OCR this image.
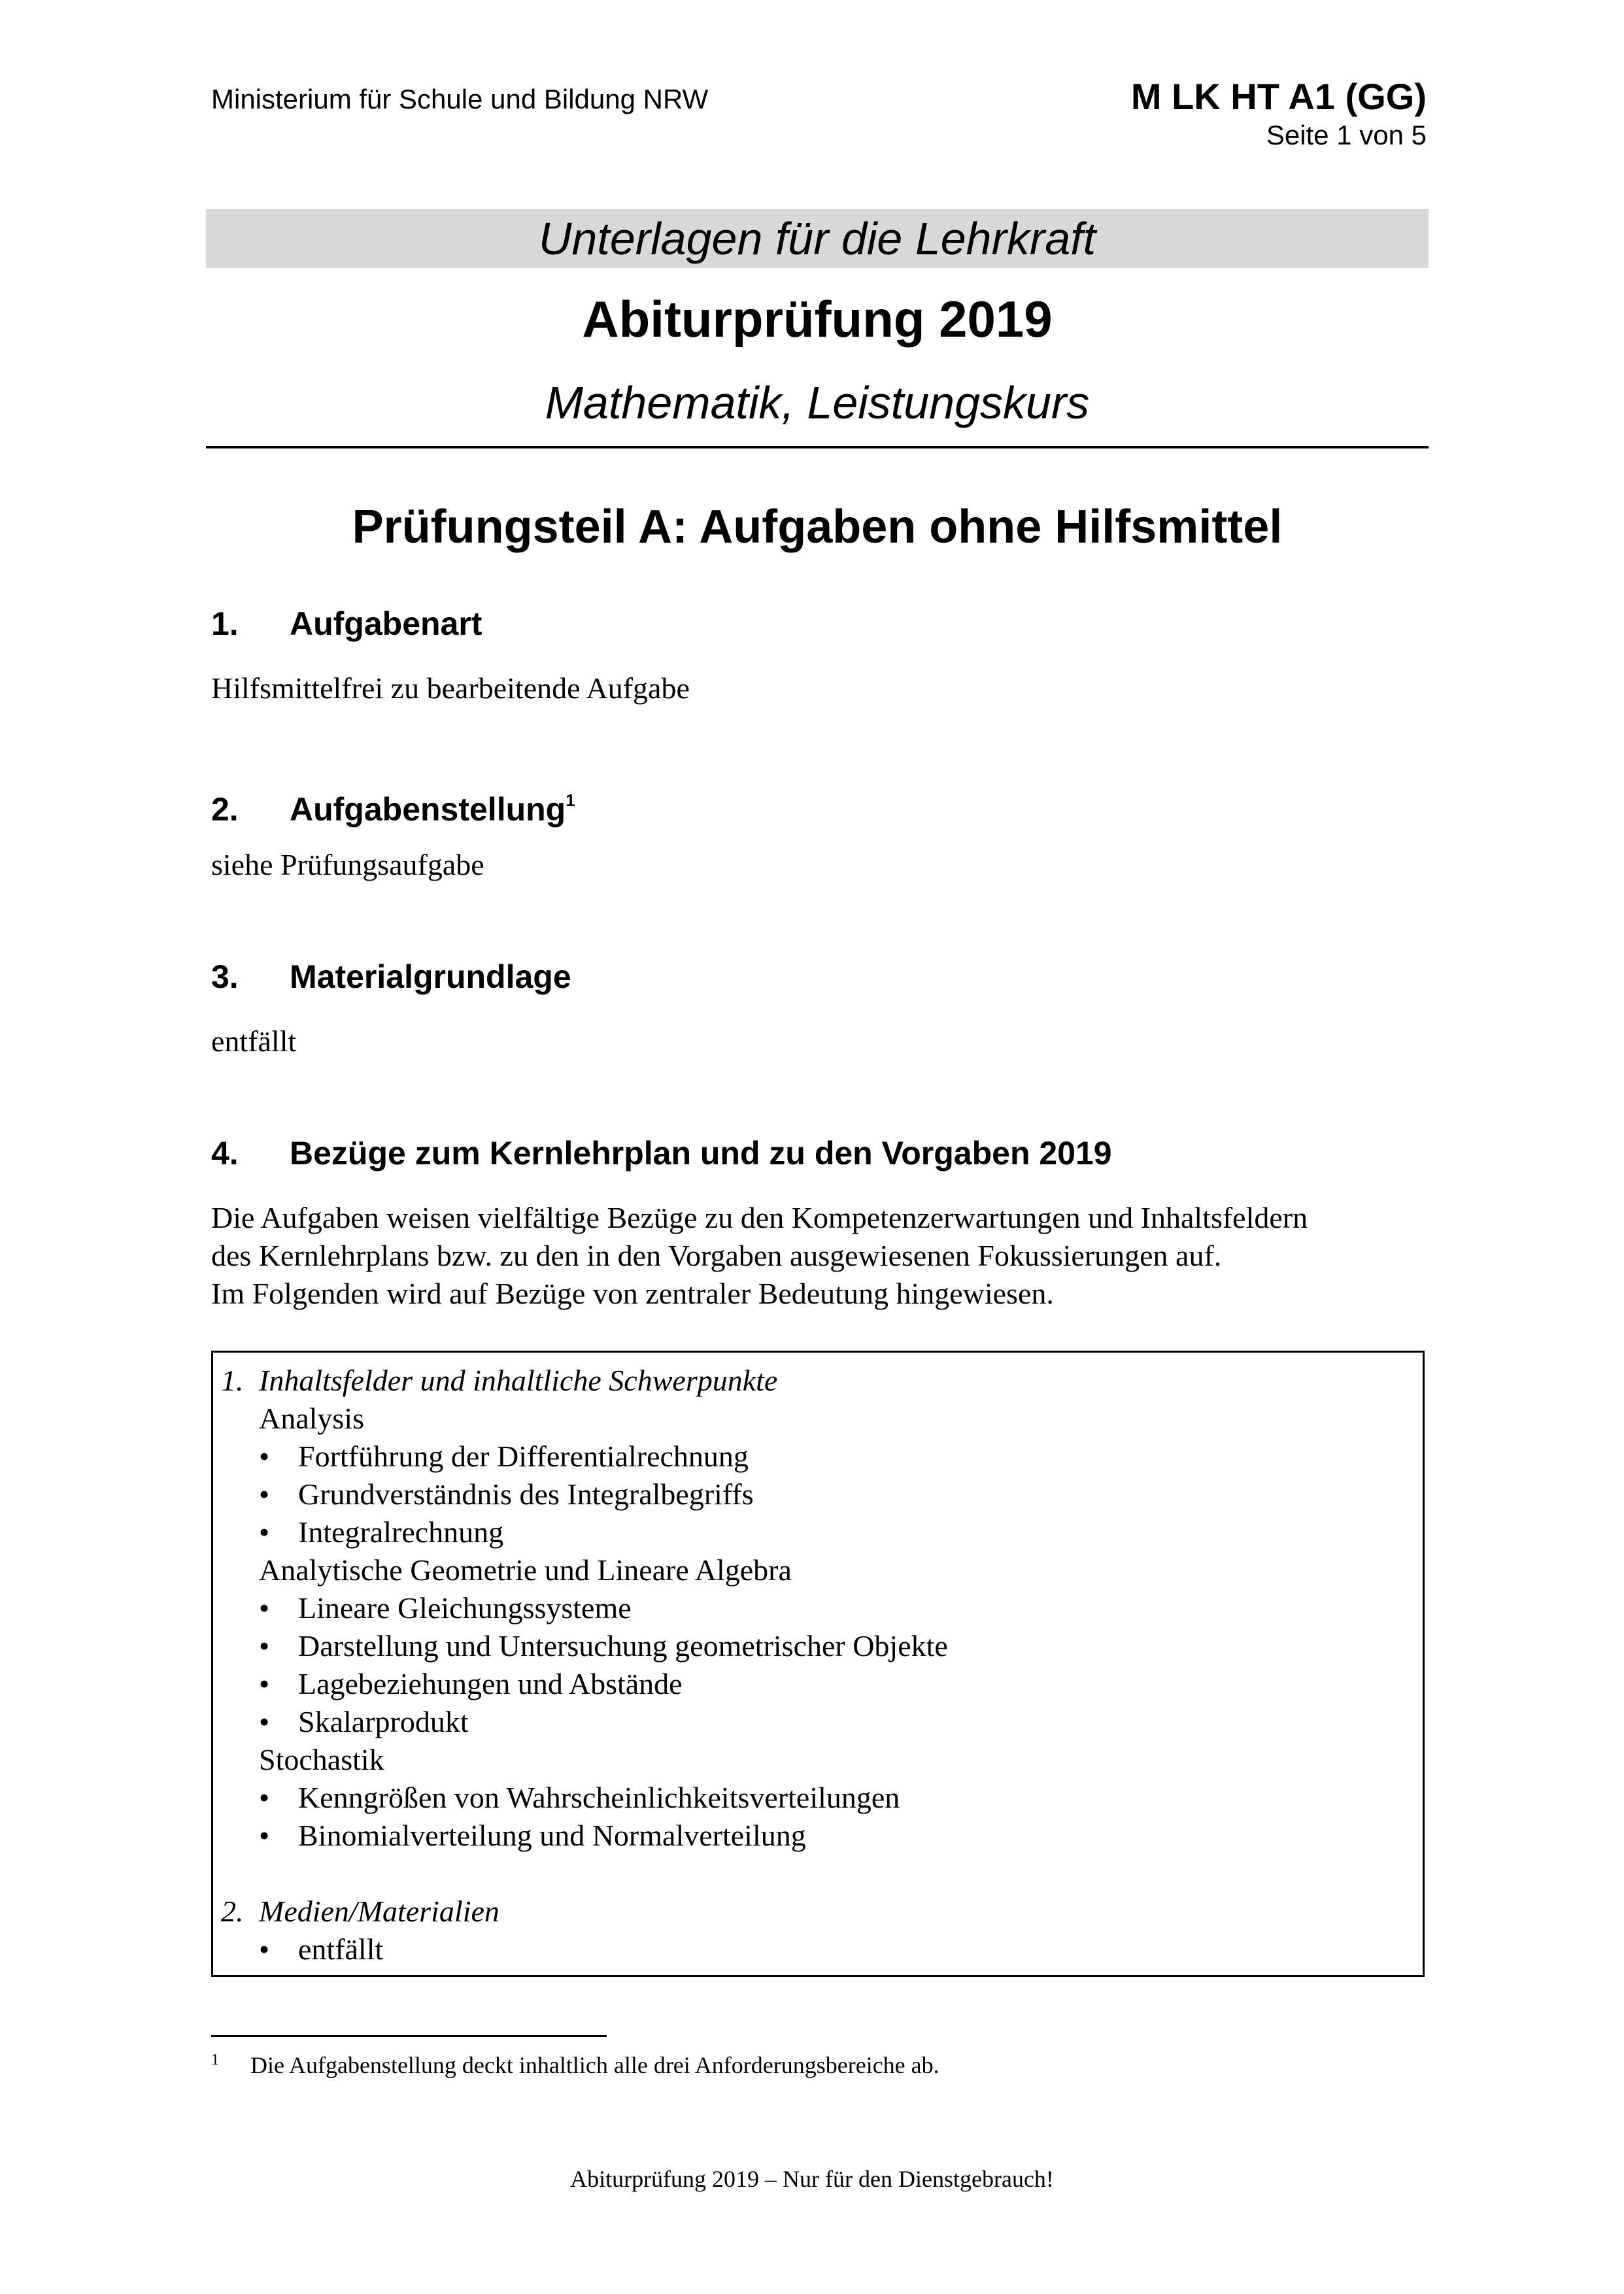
Ministerium für Schule und Bildung NRW	M LK HT A1 (GG)
Seite 1 von 5
Unterlagen für die Lehrkraft
Abiturprüfung 2019
Mathematik, Leistungskurs
Prüfungsteil A: Aufgaben ohne Hilfsmittel
1. Aufgabenart
Hilfsmittelfrei zu bearbeitende Aufgabe
2. Aufgabenstellung$^1$
siehe Prüfungsaufgabe
3. Materialgrundlage
entfällt
4. Bezüge zum Kernlehrplan und zu den Vorgaben 2019
Die Aufgaben weisen vielfältige Bezüge zu den Kompetenzerwartungen und Inhaltsfeldern
des Kernlehrplans bzw. zu den in den Vorgaben ausgewiesenen Fokussierungen auf.
Im Folgenden wird auf Bezüge von zentraler Bedeutung hingewiesen.
1. Inhaltsfelder und inhaltliche Schwerpunkte
Analysis
• Fortführung der Differentialrechnung
• Grundverständnis des Integralbegriffs
• Integralrechnung
Analytische Geometrie und Lineare Algebra
• Lineare Gleichungssysteme
• Darstellung und Untersuchung geometrischer Objekte
• Lagebeziehungen und Abstände
• Skalarprodukt
Stochastik
• Kenngrößen von Wahrscheinlichkeitsverteilungen
• Binomialverteilung und Normalverteilung
2. Medien/Materialien
• entfällt
1 Die Aufgabenstellung deckt inhaltlich alle drei Anforderungsbereiche ab.
Abiturprüfung 2019 – Nur für den Dienstgebrauch!
